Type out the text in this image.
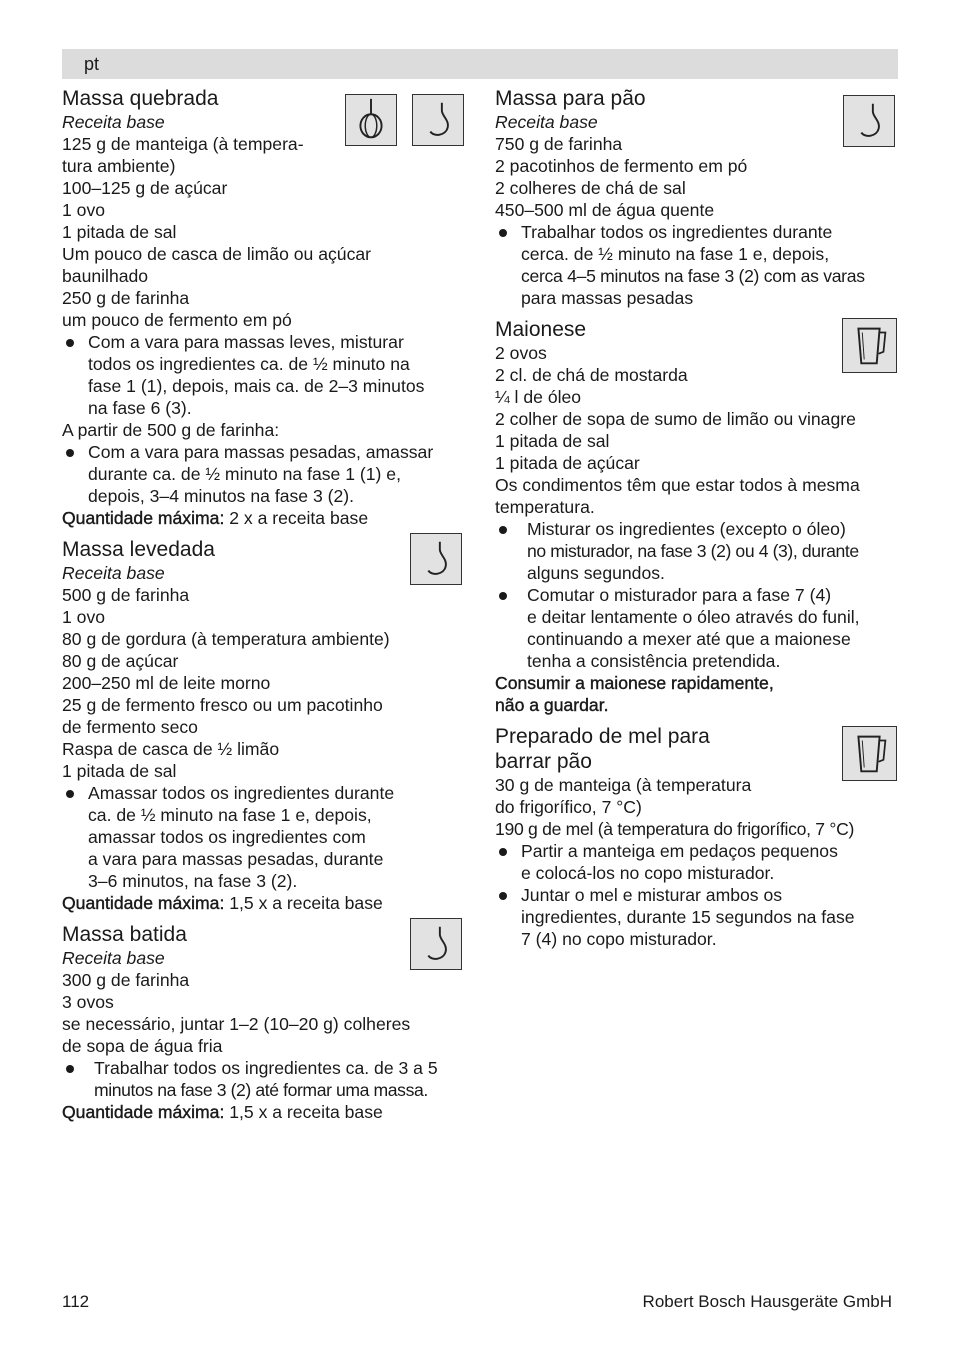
pt
Massa quebrada
Receita base
125 g de manteiga (à tempera-
tura ambiente)
100–125 g de açúcar
1 ovo
1 pitada de sal
Um pouco de casca de limão ou açúcar
baunilhado
250 g de farinha
um pouco de fermento em pó
Com a vara para massas leves, misturar
todos os ingredientes ca. de ½ minuto na
fase 1 (1), depois, mais ca. de 2–3 minutos
na fase 6 (3).
A partir de 500 g de farinha:
Com a vara para massas pesadas, amassar
durante ca. de ½ minuto na fase 1 (1) e,
depois, 3–4 minutos na fase 3 (2).
Quantidade máxima: 2 x a receita base
Massa levedada
Receita base
500 g de farinha
1 ovo
80 g de gordura (à temperatura ambiente)
80 g de açúcar
200–250 ml de leite morno
25 g de fermento fresco ou um pacotinho
de fermento seco
Raspa de casca de ½ limão
1 pitada de sal
Amassar todos os ingredientes durante
ca. de ½ minuto na fase 1 e, depois,
amassar todos os ingredientes com
a vara para massas pesadas, durante
3–6 minutos, na fase 3 (2).
Quantidade máxima: 1,5 x a receita base
Massa batida
Receita base
300 g de farinha
3 ovos
se necessário, juntar 1–2 (10–20 g) colheres
de sopa de água fria
Trabalhar todos os ingredientes ca. de 3 a 5
minutos na fase 3 (2) até formar uma massa.
Quantidade máxima: 1,5 x a receita base
Massa para pão
Receita base
750 g de farinha
2 pacotinhos de fermento em pó
2 colheres de chá de sal
450–500 ml de água quente
Trabalhar todos os ingredientes durante
cerca. de ½ minuto na fase 1 e, depois,
cerca 4–5 minutos na fase 3 (2) com as varas
para massas pesadas
Maionese
2 ovos
2 cl. de chá de mostarda
¼ l de óleo
2 colher de sopa de sumo de limão ou vinagre
1 pitada de sal
1 pitada de açúcar
Os condimentos têm que estar todos à mesma
temperatura.
Misturar os ingredientes (excepto o óleo)
no misturador, na fase 3 (2) ou 4 (3), durante
alguns segundos.
Comutar o misturador para a fase 7 (4)
e deitar lentamente o óleo através do funil,
continuando a mexer até que a maionese
tenha a consistência pretendida.
Consumir a maionese rapidamente,
não a guardar.
Preparado de mel para
barrar pão
30 g de manteiga (à temperatura
do frigorífico, 7 °C)
190 g de mel (à temperatura do frigorífico, 7 °C)
Partir a manteiga em pedaços pequenos
e colocá-los no copo misturador.
Juntar o mel e misturar ambos os
ingredientes, durante 15 segundos na fase
7 (4) no copo misturador.
112	Robert Bosch Hausgeräte GmbH
